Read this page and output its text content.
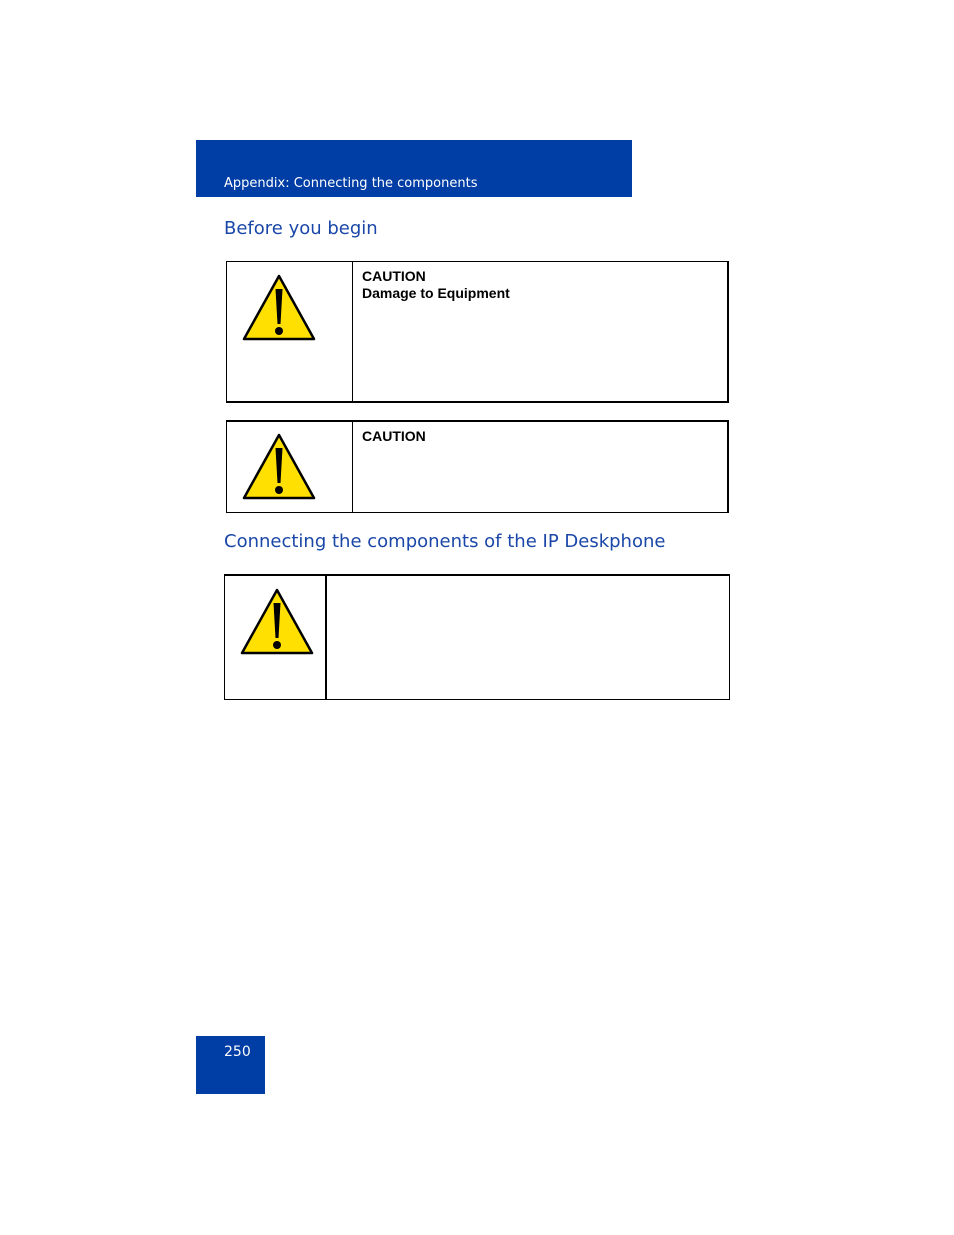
Appendix: Connecting the components
Before you begin
CAUTION
Damage to Equipment
CAUTION
Connecting the components of the IP Deskphone
250
